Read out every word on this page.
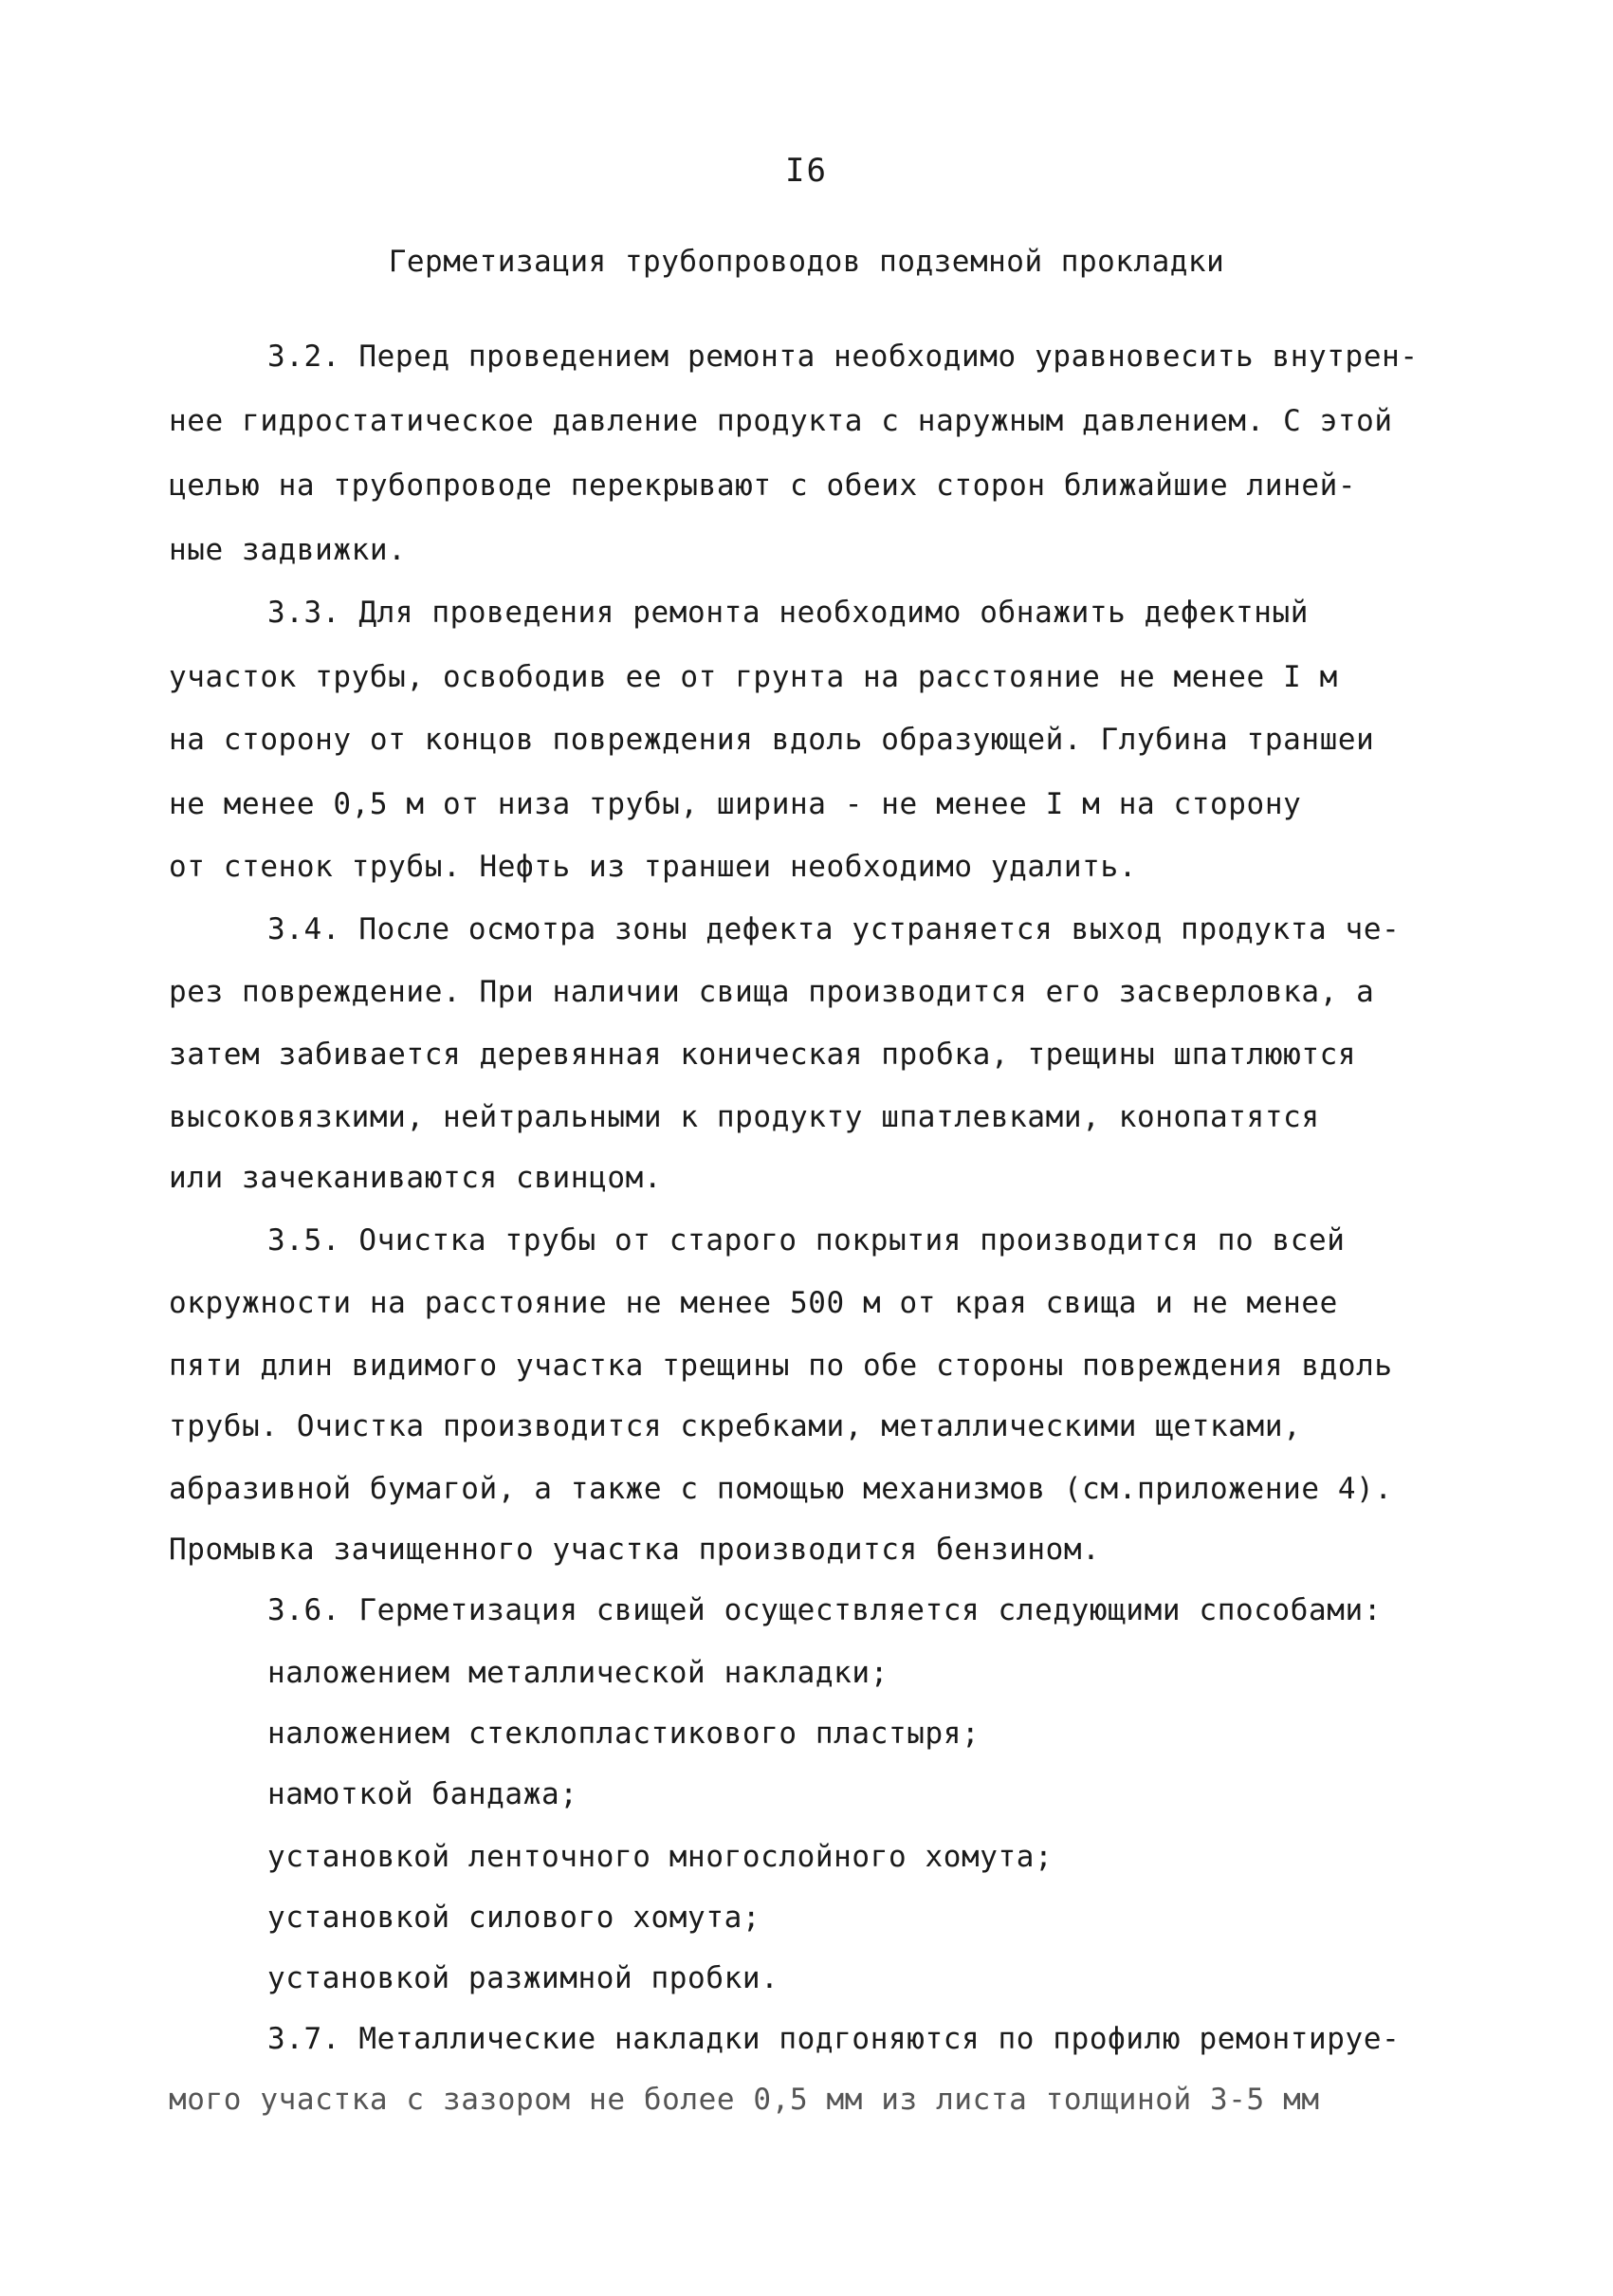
I6
Герметизация трубопроводов подземной прокладки
3.2. Перед проведением ремонта необходимо уравновесить внутрен-
нее гидростатическое давление продукта с наружным давлением. С этой
целью на трубопроводе перекрывают с обеих сторон ближайшие линей-
ные задвижки.
3.3. Для проведения ремонта необходимо обнажить дефектный
участок трубы, освободив ее от грунта на расстояние не менее I м
на сторону от концов повреждения вдоль образующей. Глубина траншеи
не менее 0,5 м от низа трубы, ширина - не менее I м на сторону
от стенок трубы. Нефть из траншеи необходимо удалить.
3.4. После осмотра зоны дефекта устраняется выход продукта че-
рез повреждение. При наличии свища производится его засверловка, а
затем забивается деревянная коническая пробка, трещины шпатлюются
высоковязкими, нейтральными к продукту шпатлевками, конопатятся
или зачеканиваются свинцом.
3.5. Очистка трубы от старого покрытия производится по всей
окружности на расстояние не менее 500 м от края свища и не менее
пяти длин видимого участка трещины по обе стороны повреждения вдоль
трубы. Очистка производится скребками, металлическими щетками,
абразивной бумагой, а также с помощью механизмов (см.приложение 4).
Промывка зачищенного участка производится бензином.
3.6. Герметизация свищей осуществляется следующими способами:
наложением металлической накладки;
наложением стеклопластикового пластыря;
намоткой бандажа;
установкой ленточного многослойного хомута;
установкой силового хомута;
установкой разжимной пробки.
3.7. Металлические накладки подгоняются по профилю ремонтируе-
мого участка с зазором не более 0,5 мм из листа толщиной 3-5 мм
